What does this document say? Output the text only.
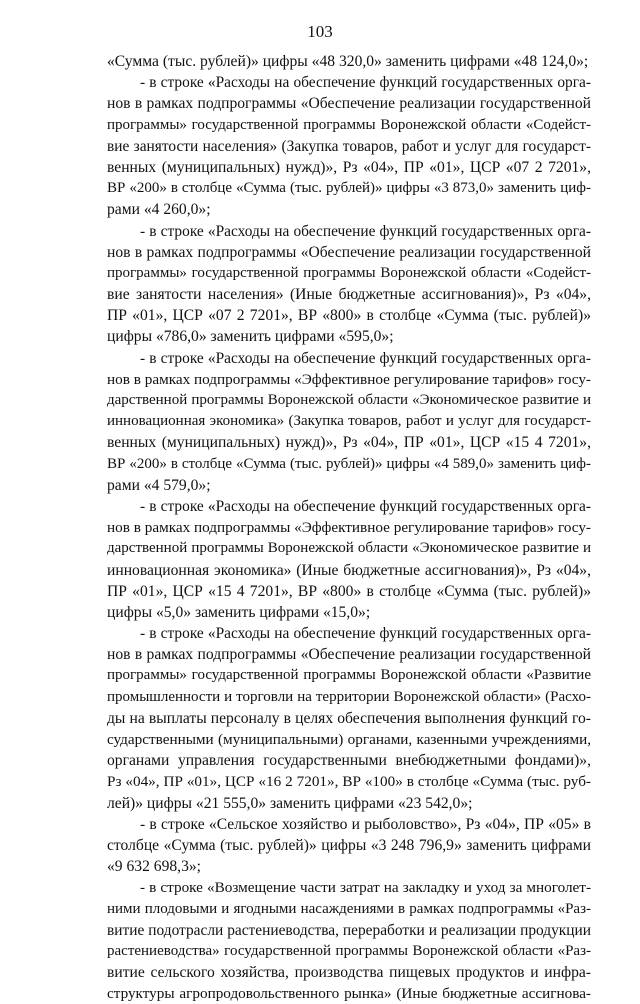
103
«Сумма (тыс. рублей)» цифры «48 320,0» заменить цифрами «48 124,0»;
- в строке «Расходы на обеспечение функций государственных орга-
нов в рамках подпрограммы «Обеспечение реализации государственной
программы» государственной программы Воронежской области «Содейст-
вие занятости населения» (Закупка товаров, работ и услуг для государст-
венных (муниципальных) нужд)», Рз «04», ПР «01», ЦСР «07 2 7201»,
ВР «200» в столбце «Сумма (тыс. рублей)» цифры «3 873,0» заменить циф-
рами «4 260,0»;
- в строке «Расходы на обеспечение функций государственных орга-
нов в рамках подпрограммы «Обеспечение реализации государственной
программы» государственной программы Воронежской области «Содейст-
вие занятости населения» (Иные бюджетные ассигнования)», Рз «04»,
ПР «01», ЦСР «07 2 7201», ВР «800» в столбце «Сумма (тыс. рублей)»
цифры «786,0» заменить цифрами «595,0»;
- в строке «Расходы на обеспечение функций государственных орга-
нов в рамках подпрограммы «Эффективное регулирование тарифов» госу-
дарственной программы Воронежской области «Экономическое развитие и
инновационная экономика» (Закупка товаров, работ и услуг для государст-
венных (муниципальных) нужд)», Рз «04», ПР «01», ЦСР «15 4 7201»,
ВР «200» в столбце «Сумма (тыс. рублей)» цифры «4 589,0» заменить циф-
рами «4 579,0»;
- в строке «Расходы на обеспечение функций государственных орга-
нов в рамках подпрограммы «Эффективное регулирование тарифов» госу-
дарственной программы Воронежской области «Экономическое развитие и
инновационная экономика» (Иные бюджетные ассигнования)», Рз «04»,
ПР «01», ЦСР «15 4 7201», ВР «800» в столбце «Сумма (тыс. рублей)»
цифры «5,0» заменить цифрами «15,0»;
- в строке «Расходы на обеспечение функций государственных орга-
нов в рамках подпрограммы «Обеспечение реализации государственной
программы» государственной программы Воронежской области «Развитие
промышленности и торговли на территории Воронежской области» (Расхо-
ды на выплаты персоналу в целях обеспечения выполнения функций го-
сударственными (муниципальными) органами, казенными учреждениями,
органами управления государственными внебюджетными фондами)»,
Рз «04», ПР «01», ЦСР «16 2 7201», ВР «100» в столбце «Сумма (тыс. руб-
лей)» цифры «21 555,0» заменить цифрами «23 542,0»;
- в строке «Сельское хозяйство и рыболовство», Рз «04», ПР «05» в
столбце «Сумма (тыс. рублей)» цифры «3 248 796,9» заменить цифрами
«9 632 698,3»;
- в строке «Возмещение части затрат на закладку и уход за многолет-
ними плодовыми и ягодными насаждениями в рамках подпрограммы «Раз-
витие подотрасли растениеводства, переработки и реализации продукции
растениеводства» государственной программы Воронежской области «Раз-
витие сельского хозяйства, производства пищевых продуктов и инфра-
структуры агропродовольственного рынка» (Иные бюджетные ассигнова-
